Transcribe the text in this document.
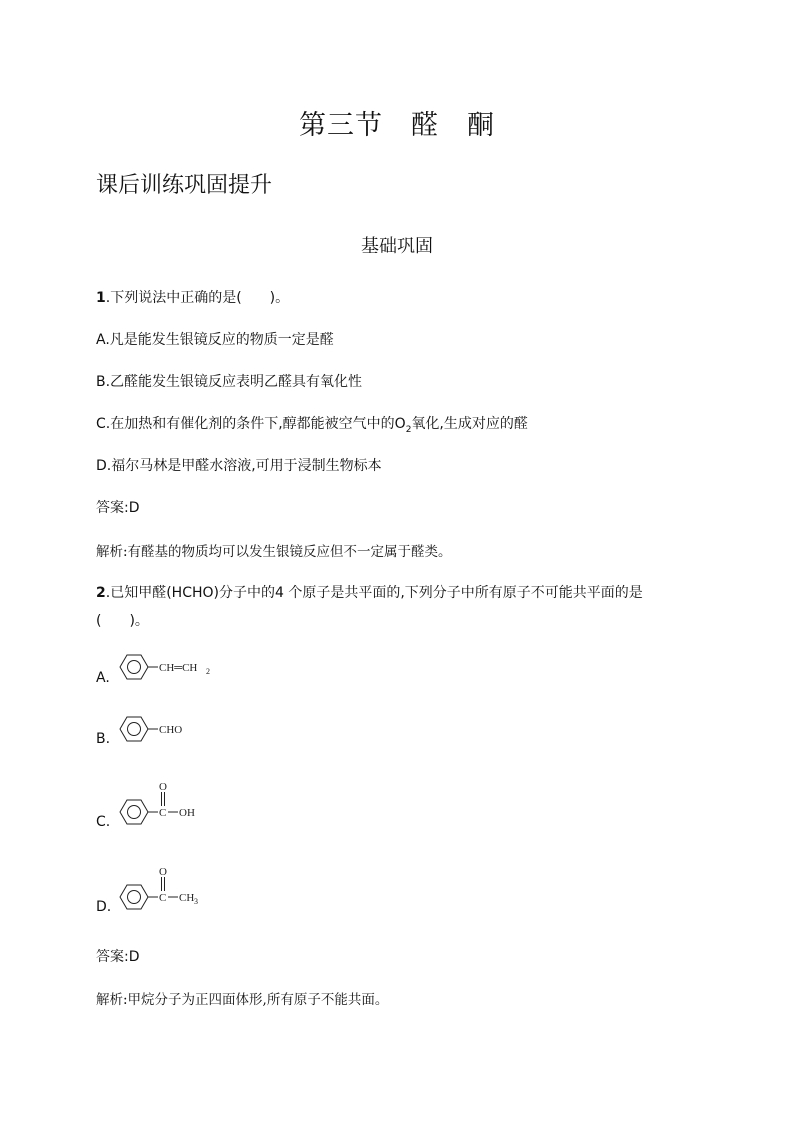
第三节　醛　酮
课后训练巩固提升
基础巩固
1.下列说法中正确的是(　　)。
A.凡是能发生银镜反应的物质一定是醛
B.乙醛能发生银镜反应表明乙醛具有氧化性
C.在加热和有催化剂的条件下,醇都能被空气中的$O_2$氧化,生成对应的醛
D.福尔马林是甲醛水溶液,可用于浸制生物标本
答案:D
解析:有醛基的物质均可以发生银镜反应但不一定属于醛类。
2.已知甲醛(HCHO)分子中的4 个原子是共平面的,下列分子中所有原子不可能共平面的是
(　　)。
A.
CH═CH 2
B.
CHO
C.
C
O
OH
D.
C
O
CH 3
答案:D
解析:甲烷分子为正四面体形,所有原子不能共面。
